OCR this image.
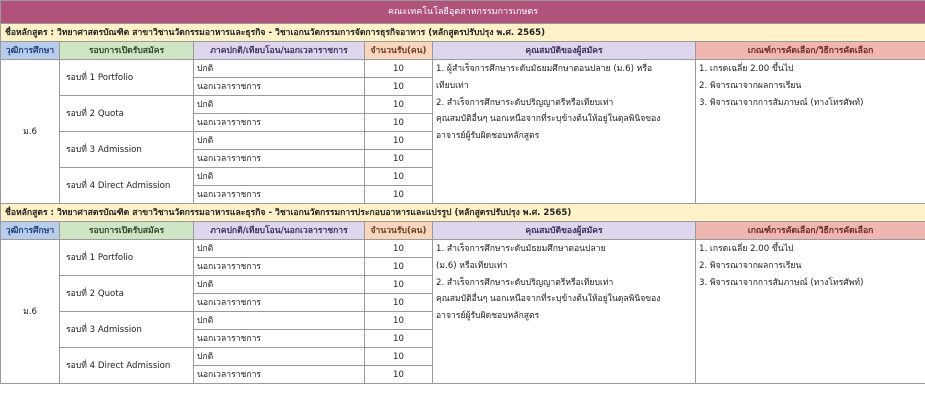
คณะเทคโนโลยีอุตสาหกรรมการเกษตร					
ชื่อหลักสูตร : วิทยาศาสตรบัณฑิต สาขาวิชานวัตกรรมอาหารและธุรกิจ - วิชาเอกนวัตกรรมการจัดการธุรกิจอาหาร (หลักสูตรปรับปรุง พ.ศ. 2565)					
วุฒิการศึกษา	รอบการเปิดรับสมัคร	ภาคปกติ/เทียบโอน/นอกเวลาราชการ	จำนวนรับ(คน)	คุณสมบัติของผู้สมัคร	เกณฑ์การคัดเลือก/วิธีการคัดเลือก
ม.6	รอบที่ 1 Portfolio	ปกติ	10	1. ผู้สำเร็จการศึกษาระดับมัธยมศึกษาตอนปลาย (ม.6) หรือ
เทียบเท่า
2. สำเร็จการศึกษาระดับปริญญาตรีหรือเทียบเท่า
คุณสมบัติอื่นๆ นอกเหนือจากที่ระบุข้างต้นให้อยู่ในดุลพินิจของ
อาจารย์ผู้รับผิดชอบหลักสูตร	1. เกรดเฉลี่ย 2.00 ขึ้นไป
2. พิจารณาจากผลการเรียน
3. พิจารณาจากการสัมภาษณ์ (ทางโทรศัพท์)

		นอกเวลาราชการ	10		
	รอบที่ 2 Quota	ปกติ	10		
		นอกเวลาราชการ	10		
	รอบที่ 3 Admission	ปกติ	10		
		นอกเวลาราชการ	10		
	รอบที่ 4 Direct Admission	ปกติ	10		
		นอกเวลาราชการ	10		
ชื่อหลักสูตร : วิทยาศาสตรบัณฑิต สาขาวิชานวัตกรรมอาหารและธุรกิจ - วิชาเอกนวัตกรรมการประกอบอาหารและแปรรูป (หลักสูตรปรับปรุง พ.ศ. 2565)					
วุฒิการศึกษา	รอบการเปิดรับสมัคร	ภาคปกติ/เทียบโอน/นอกเวลาราชการ	จำนวนรับ(คน)	คุณสมบัติของผู้สมัคร	เกณฑ์การคัดเลือก/วิธีการคัดเลือก
ม.6	รอบที่ 1 Portfolio	ปกติ	10	1. สำเร็จการศึกษาระดับมัธยมศึกษาตอนปลาย
(ม.6) หรือเทียบเท่า
2. สำเร็จการศึกษาระดับปริญญาตรีหรือเทียบเท่า
คุณสมบัติอื่นๆ นอกเหนือจากที่ระบุข้างต้นให้อยู่ในดุลพินิจของ
อาจารย์ผู้รับผิดชอบหลักสูตร	1. เกรดเฉลี่ย 2.00 ขึ้นไป
2. พิจารณาจากผลการเรียน
3. พิจารณาจากการสัมภาษณ์ (ทางโทรศัพท์)

		นอกเวลาราชการ	10		
	รอบที่ 2 Quota	ปกติ	10		
		นอกเวลาราชการ	10		
	รอบที่ 3 Admission	ปกติ	10		
		นอกเวลาราชการ	10		
	รอบที่ 4 Direct Admission	ปกติ	10		
		นอกเวลาราชการ	10		
